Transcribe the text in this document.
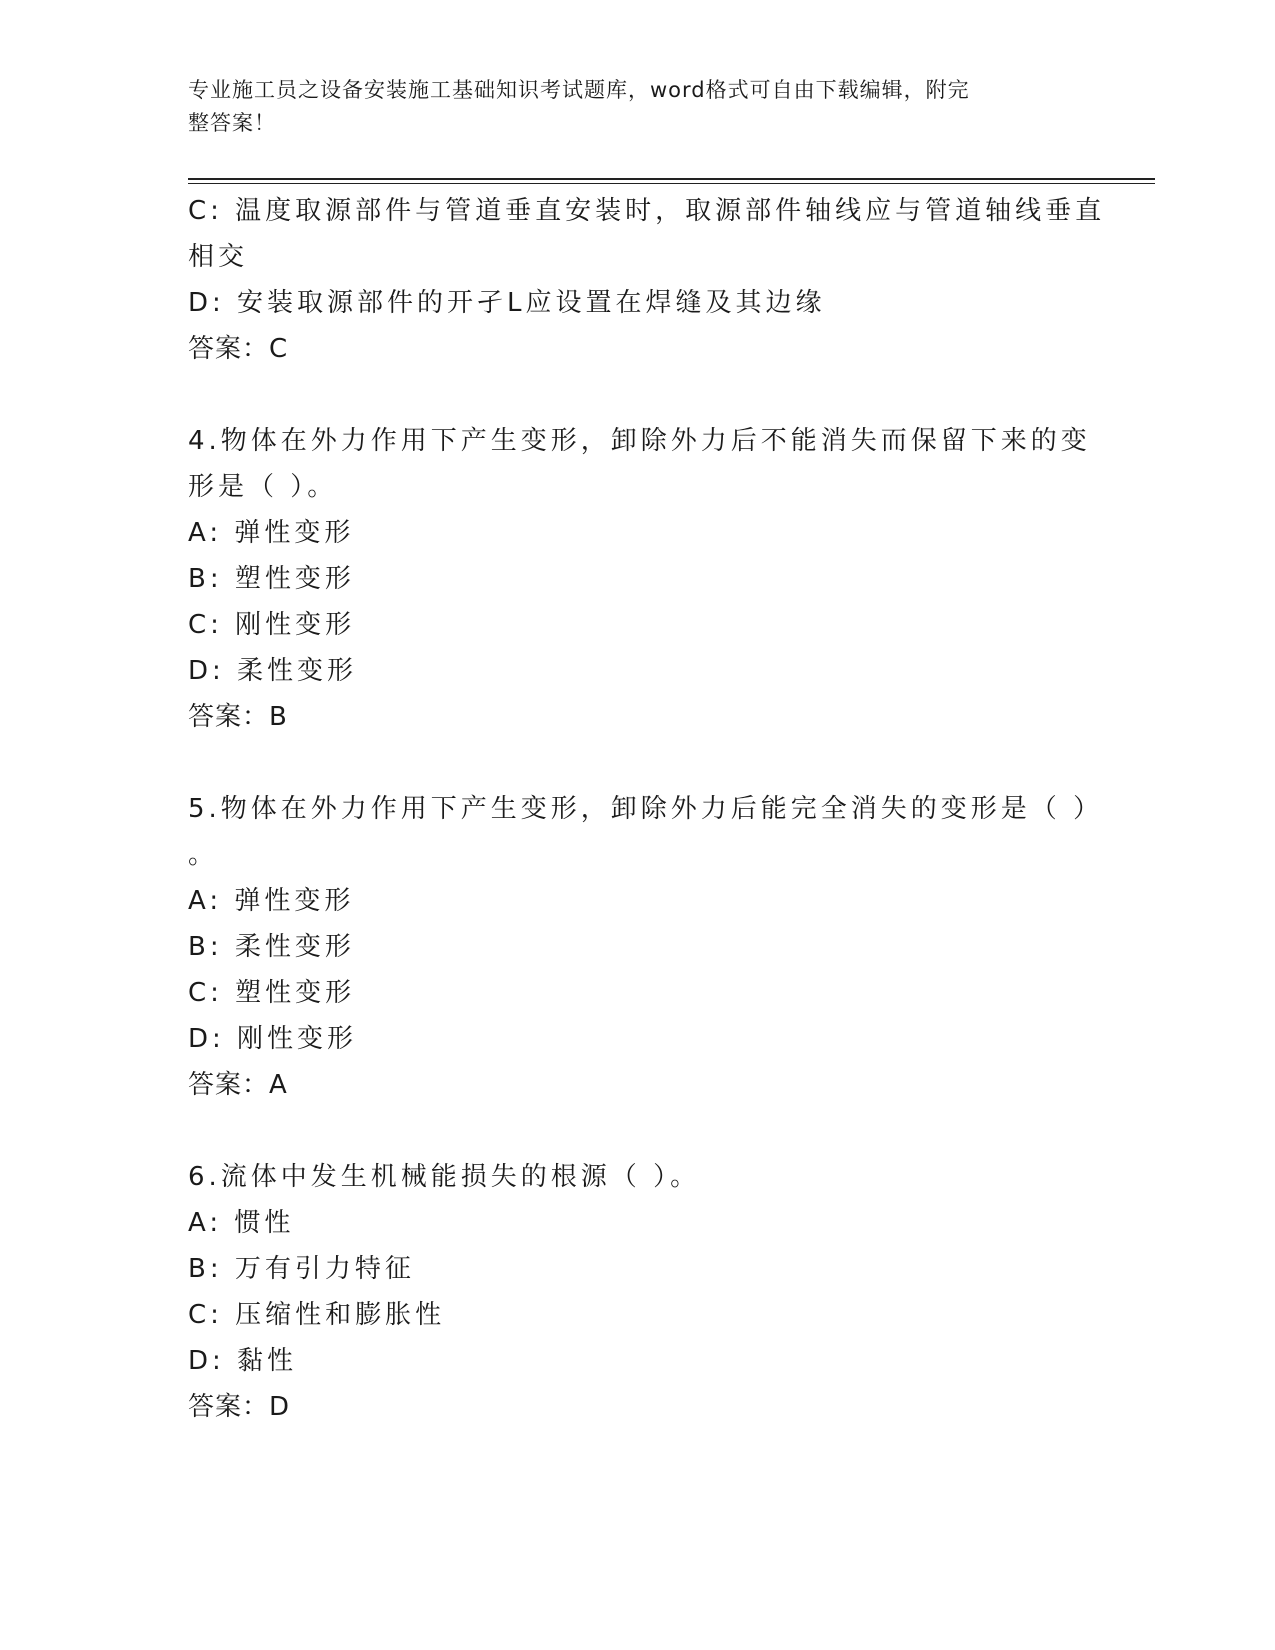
专业施工员之设备安装施工基础知识考试题库，word格式可自由下载编辑，附完
整答案！
C: 温度取源部件与管道垂直安装时，取源部件轴线应与管道轴线垂直
相交
D: 安装取源部件的开孑L应设置在焊缝及其边缘
答案：C
4.物体在外力作用下产生变形，卸除外力后不能消失而保留下来的变
形是（ ）。
A: 弹性变形
B: 塑性变形
C: 刚性变形
D: 柔性变形
答案：B
5.物体在外力作用下产生变形，卸除外力后能完全消失的变形是（ ）
。
A: 弹性变形
B: 柔性变形
C: 塑性变形
D: 刚性变形
答案：A
6.流体中发生机械能损失的根源（ ）。
A: 惯性
B: 万有引力特征
C: 压缩性和膨胀性
D: 黏性
答案：D
